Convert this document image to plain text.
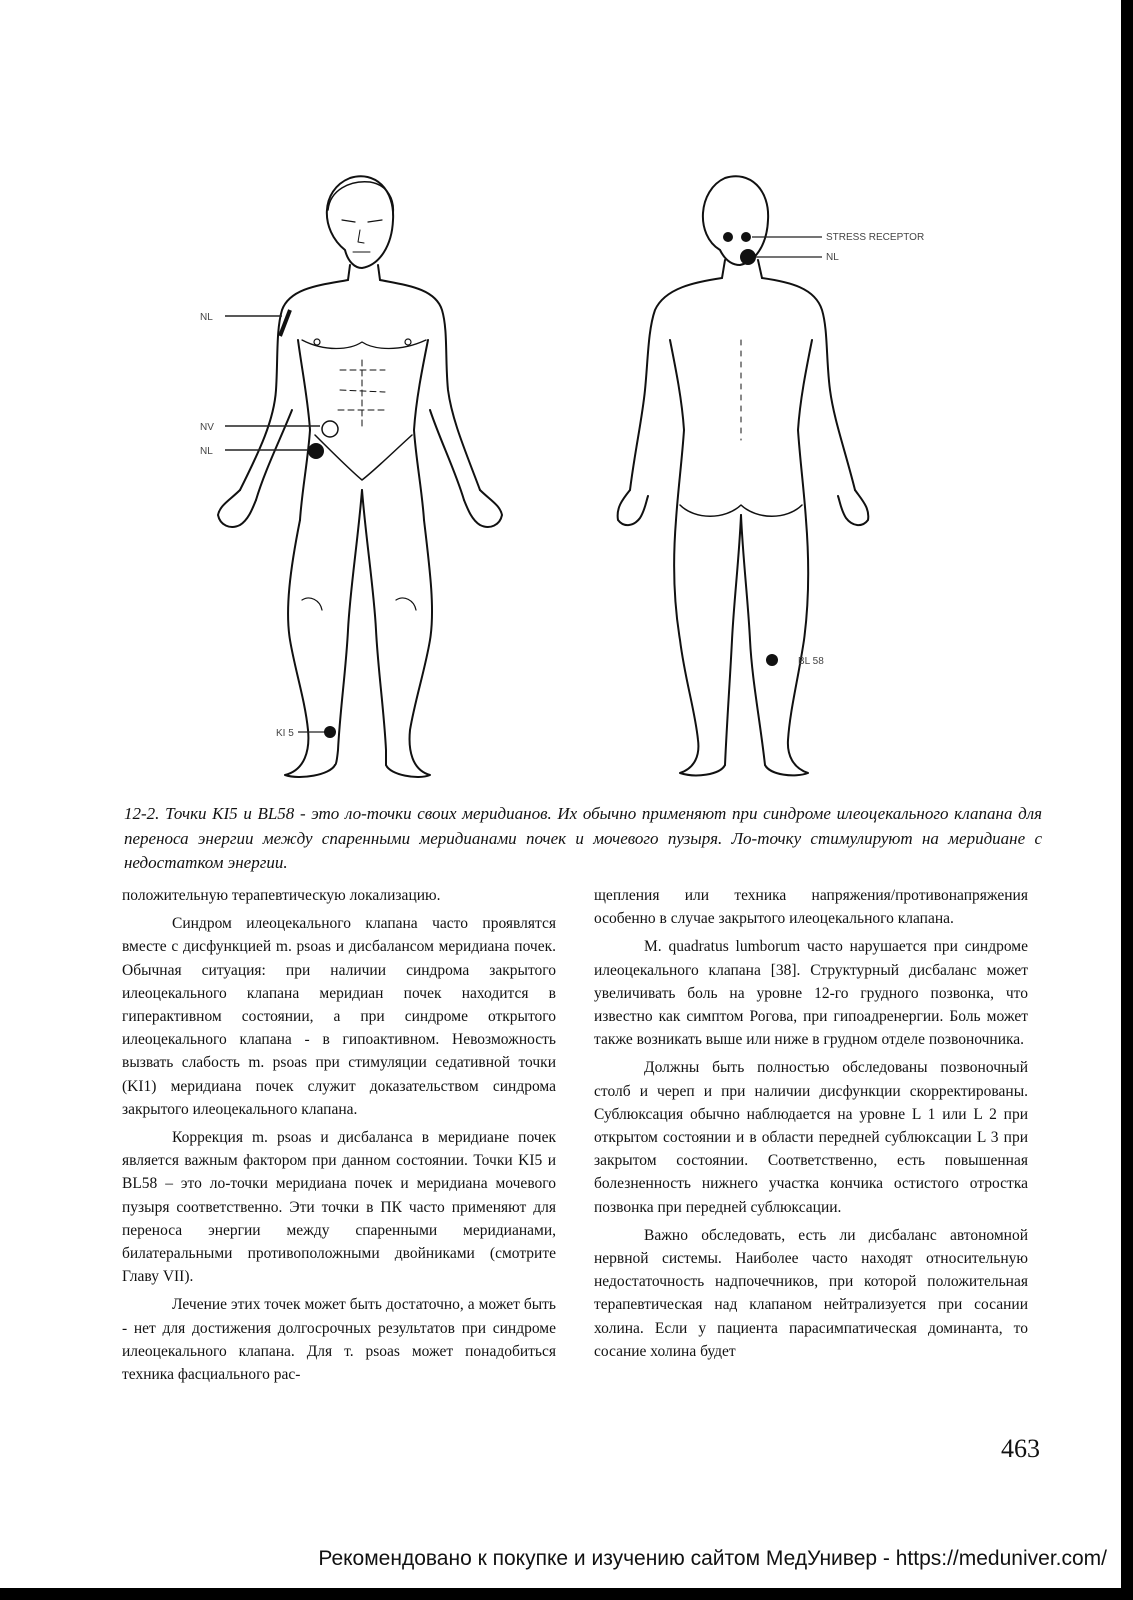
NL
NV
NL
KI 5
STRESS RECEPTOR
NL
BL 58
12-2. Точки KI5 и BL58 - это ло-точки своих меридианов. Их обычно применяют при синдроме илеоцекального клапана для переноса энергии между спаренными меридианами почек и мочевого пузыря. Ло-точку стимулируют на меридиане с недостатком энергии.

положительную терапевтическую локализацию.

Синдром илеоцекального клапана часто проявлятся вместе с дисфункцией m. psoas и дисбалансом меридиана почек. Обычная ситуация: при наличии синдрома закрытого илеоцекального клапана меридиан почек находится в гиперактивном состоянии, а при синдроме открытого илеоцекального клапана - в гипоактивном. Невозможность вызвать слабость m. psoas при стимуляции седативной точки (KI1) меридиана почек служит доказательством синдрома закрытого илеоцекального клапана.

Коррекция m. psoas и дисбаланса в меридиане почек является важным фактором при данном состоянии. Точки KI5 и BL58 – это ло-точки меридиана почек и меридиана мочевого пузыря соответственно. Эти точки в ПК часто применяют для переноса энергии между спаренными меридианами, билатеральными противоположными двойниками (смотрите Главу VII).

Лечение этих точек может быть достаточно, а может быть - нет для достижения долгосрочных результатов при синдроме илеоцекального клапана. Для т. psoas может понадобиться техника фасциального рас-

щепления или техника напряжения/противонапряжения особенно в случае закрытого илеоцекального клапана.

M. quadratus lumborum часто нарушается при синдроме илеоцекального клапана [38]. Структурный дисбаланс может увеличивать боль на уровне 12-го грудного позвонка, что известно как симптом Рогова, при гипоадренергии. Боль может также возникать выше или ниже в грудном отделе позвоночника.

Должны быть полностью обследованы позвоночный столб и череп и при наличии дисфункции скорректированы. Сублюксация обычно наблюдается на уровне L 1 или L 2 при открытом состоянии и в области передней сублюксации L 3 при закрытом состоянии. Соответственно, есть повышенная болезненность нижнего участка кончика остистого отростка позвонка при передней сублюксации.

Важно обследовать, есть ли дисбаланс автономной нервной системы. Наиболее часто находят относительную недостаточность надпочечников, при которой положительная терапевтическая над клапаном нейтрализуется при сосании холина. Если у пациента парасимпатическая доминанта, то сосание холина будет

463
Рекомендовано к покупке и изучению сайтом МедУнивер - https://meduniver.com/
